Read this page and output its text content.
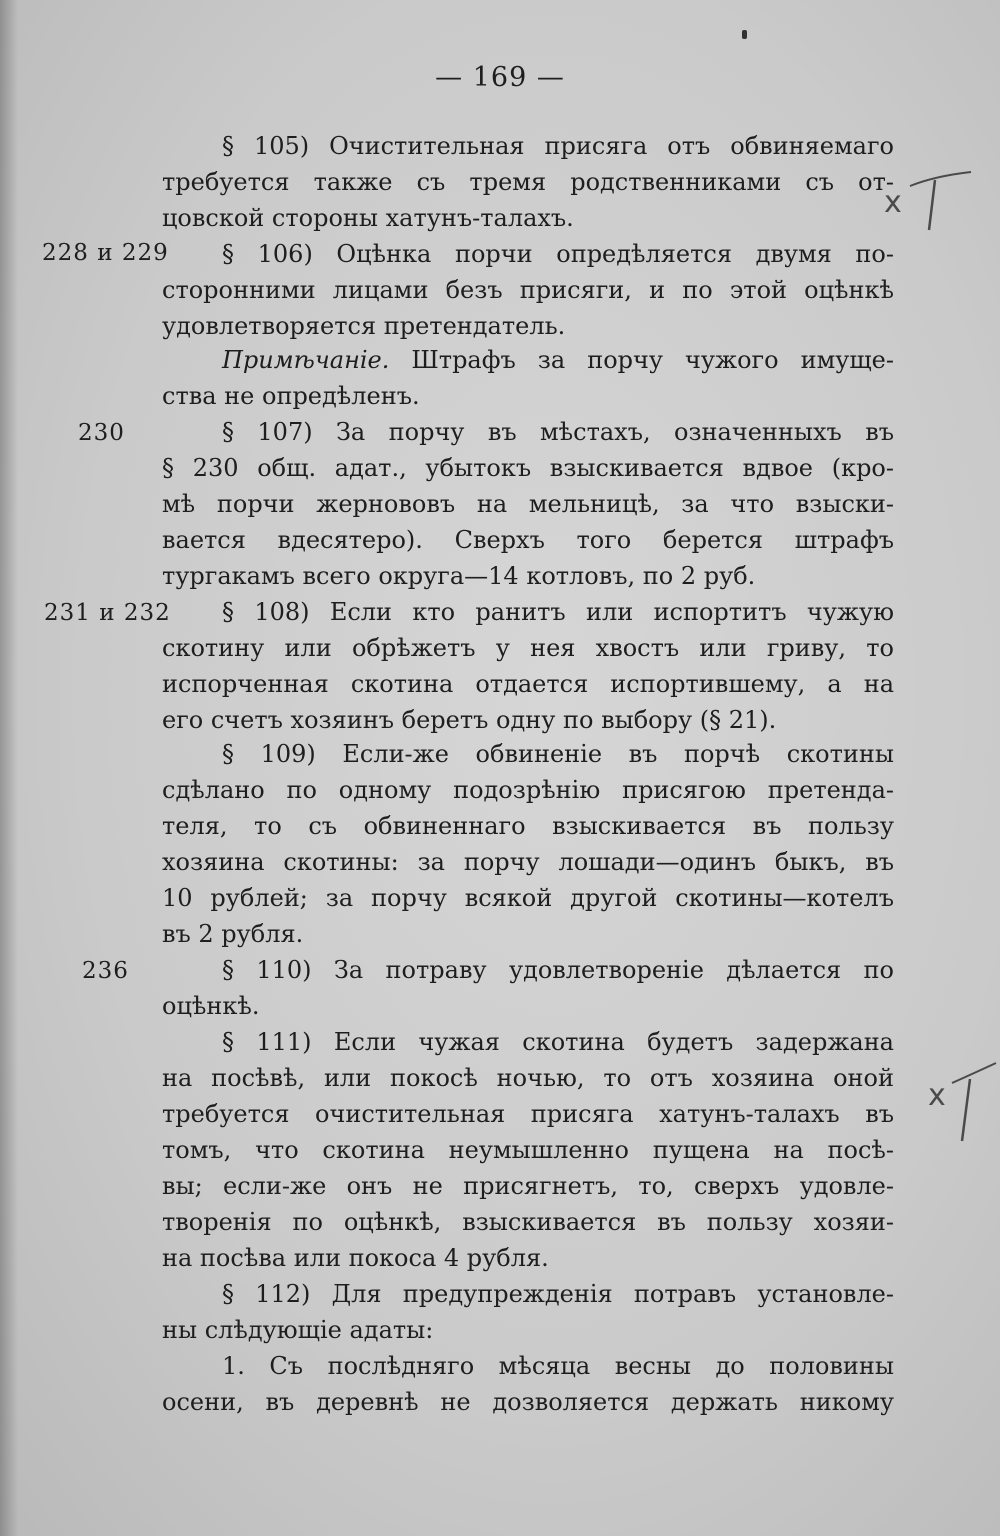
— 169 —
228 и 229
230
231 и 232
236
х
х
§ 105) Очистительная присяга отъ обвиняемаго
требуется также съ тремя родственниками съ от-
цовской стороны хатунъ-талахъ.
§ 106) Оцѣнка порчи опредѣляется двумя по-
сторонними лицами безъ присяги, и по этой оцѣнкѣ
удовлетворяется претендатель.
Примѣчаніе. Штрафъ за порчу чужого имуще-
ства не опредѣленъ.
§ 107) За порчу въ мѣстахъ, означенныхъ въ
§ 230 общ. адат., убытокъ взыскивается вдвое (кро-
мѣ порчи жернововъ на мельницѣ, за что взыски-
вается вдесятеро). Сверхъ того берется штрафъ
тургакамъ всего округа—14 котловъ, по 2 руб.
§ 108) Если кто ранитъ или испортитъ чужую
скотину или обрѣжетъ у нея хвостъ или гриву, то
испорченная скотина отдается испортившему, а на
его счетъ хозяинъ беретъ одну по выбору (§ 21).
§ 109) Если-же обвиненіе въ порчѣ скотины
сдѣлано по одному подозрѣнію присягою претенда-
теля, то съ обвиненнаго взыскивается въ пользу
хозяина скотины: за порчу лошади—одинъ быкъ, въ
10 рублей; за порчу всякой другой скотины—котелъ
въ 2 рубля.
§ 110) За потраву удовлетвореніе дѣлается по
оцѣнкѣ.
§ 111) Если чужая скотина будетъ задержана
на посѣвѣ, или покосѣ ночью, то отъ хозяина оной
требуется очистительная присяга хатунъ-талахъ въ
томъ, что скотина неумышленно пущена на посѣ-
вы; если-же онъ не присягнетъ, то, сверхъ удовле-
творенія по оцѣнкѣ, взыскивается въ пользу хозяи-
на посѣва или покоса 4 рубля.
§ 112) Для предупрежденія потравъ установле-
ны слѣдующіе адаты:
1. Съ послѣдняго мѣсяца весны до половины
осени, въ деревнѣ не дозволяется держать никому
